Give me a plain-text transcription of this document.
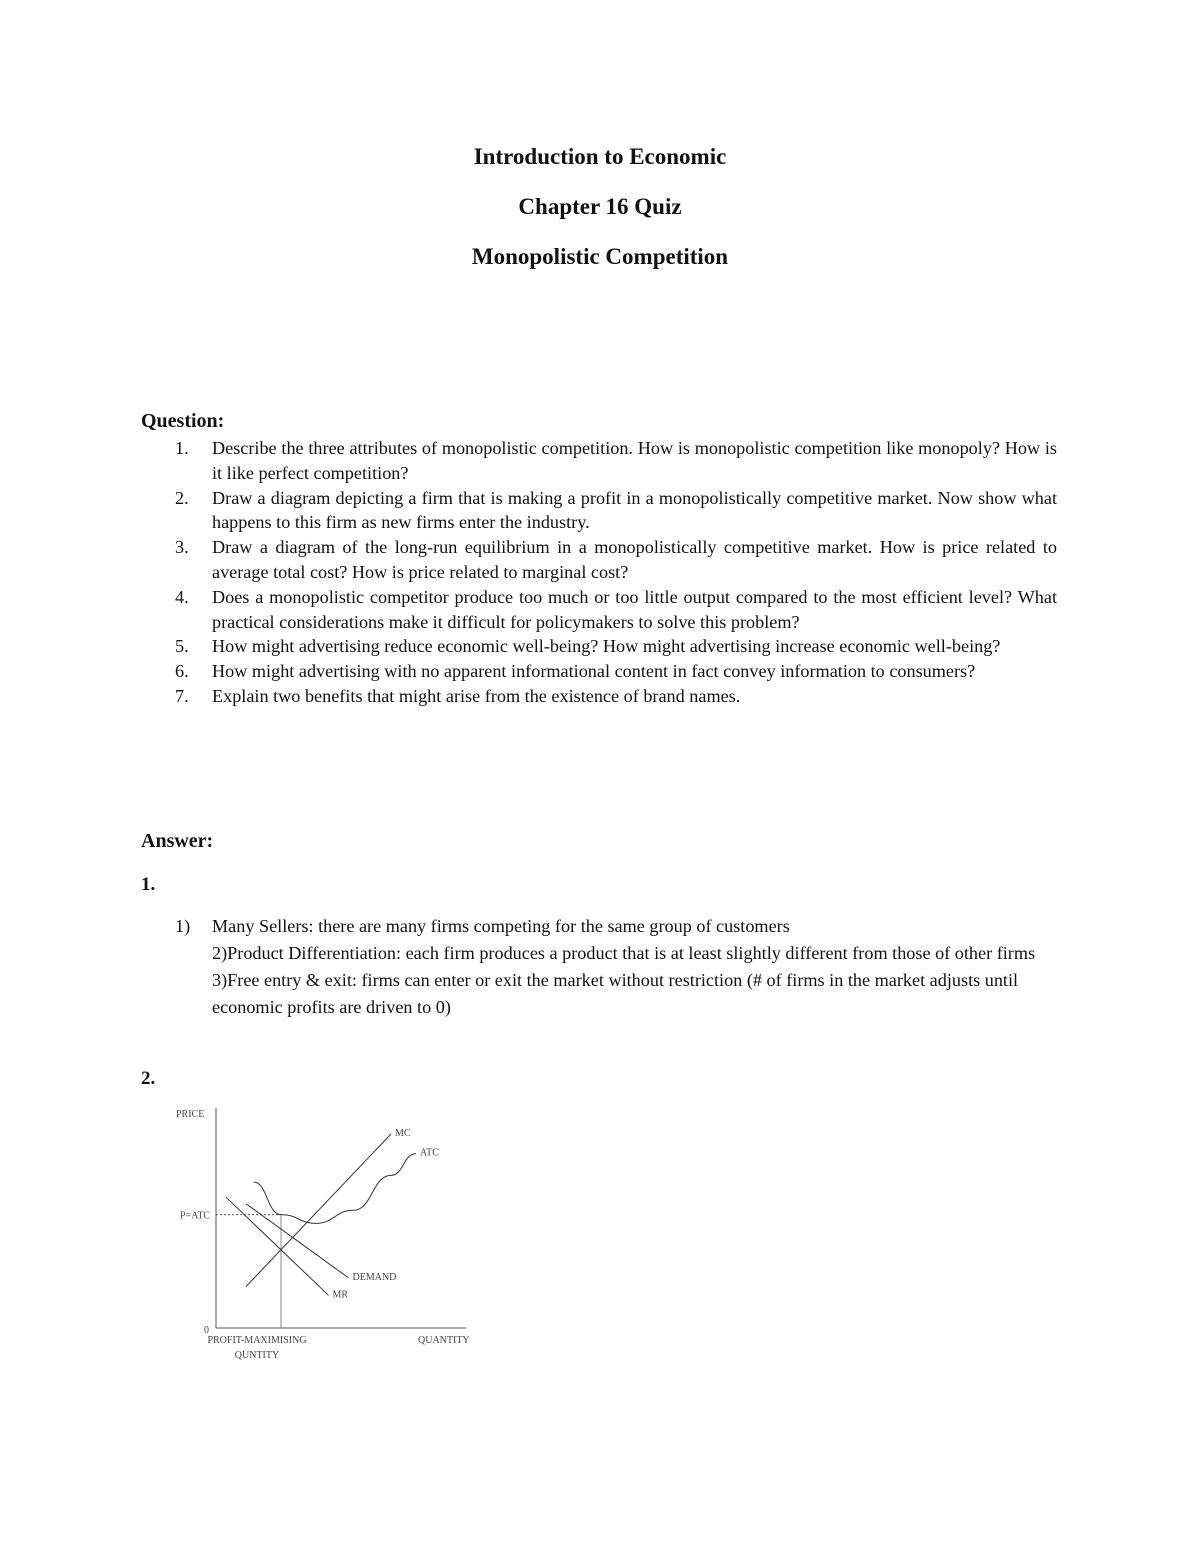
Introduction to Economic
Chapter 16 Quiz
Monopolistic Competition
Question:
1. Describe the three attributes of monopolistic competition. How is monopolistic competition like monopoly? How is it like perfect competition?
2. Draw a diagram depicting a firm that is making a profit in a monopolistically competitive market. Now show what happens to this firm as new firms enter the industry.
3. Draw a diagram of the long-run equilibrium in a monopolistically competitive market. How is price related to average total cost? How is price related to marginal cost?
4. Does a monopolistic competitor produce too much or too little output compared to the most efficient level? What practical considerations make it difficult for policymakers to solve this problem?
5. How might advertising reduce economic well-being? How might advertising increase economic well-being?
6. How might advertising with no apparent informational content in fact convey information to consumers?
7. Explain two benefits that might arise from the existence of brand names.
Answer:
1.
1) Many Sellers: there are many firms competing for the same group of customers
2)Product Differentiation: each firm produces a product that is at least slightly different from those of other firms
3)Free entry & exit: firms can enter or exit the market without restriction (# of firms in the market adjusts until economic profits are driven to 0)
2.
PRICE
0
QUANTITY
P=ATC
PROFIT-MAXIMISING
QUNTITY
MC
ATC
DEMAND
MR
